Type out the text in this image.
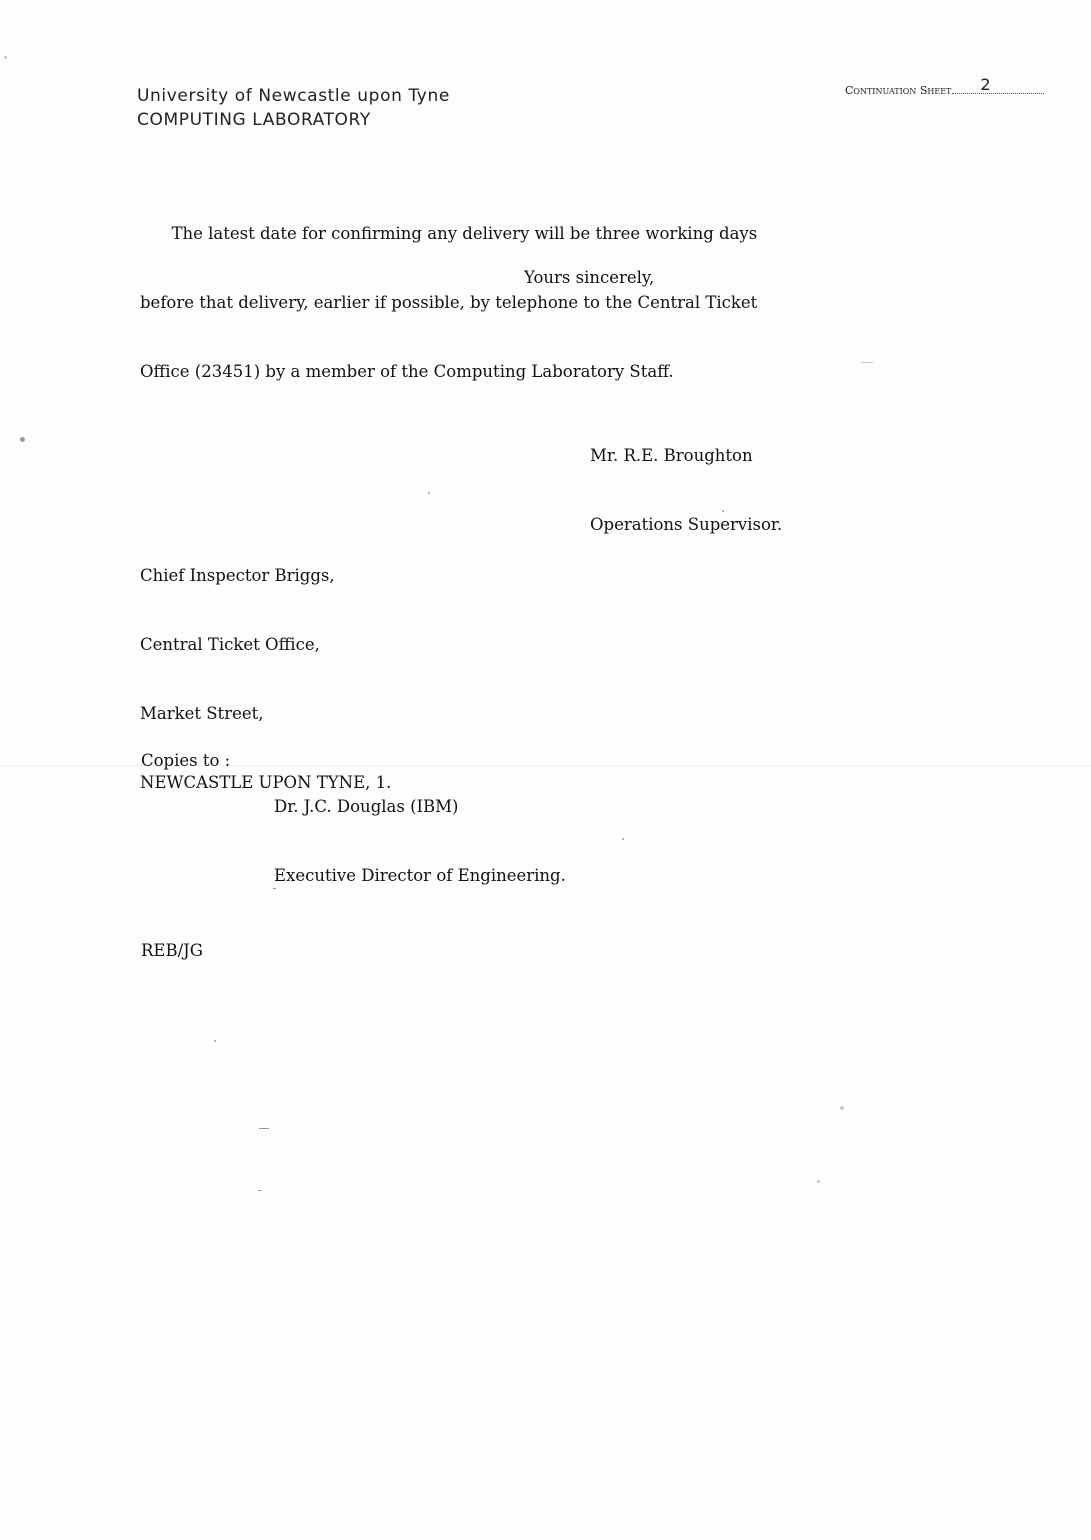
University of Newcastle upon Tyne
COMPUTING LABORATORY
Continuation Sheet 2

The latest date for confirming any delivery will be three working days

before that delivery, earlier if possible, by telephone to the Central Ticket

Office (23451) by a member of the Computing Laboratory Staff.

Yours sincerely,

Mr. R.E. Broughton

Operations Supervisor.

Chief Inspector Briggs,

Central Ticket Office,

Market Street,

NEWCASTLE UPON TYNE, 1.

Copies to :

Dr. J.C. Douglas (IBM)

Executive Director of Engineering.

REB/JG
